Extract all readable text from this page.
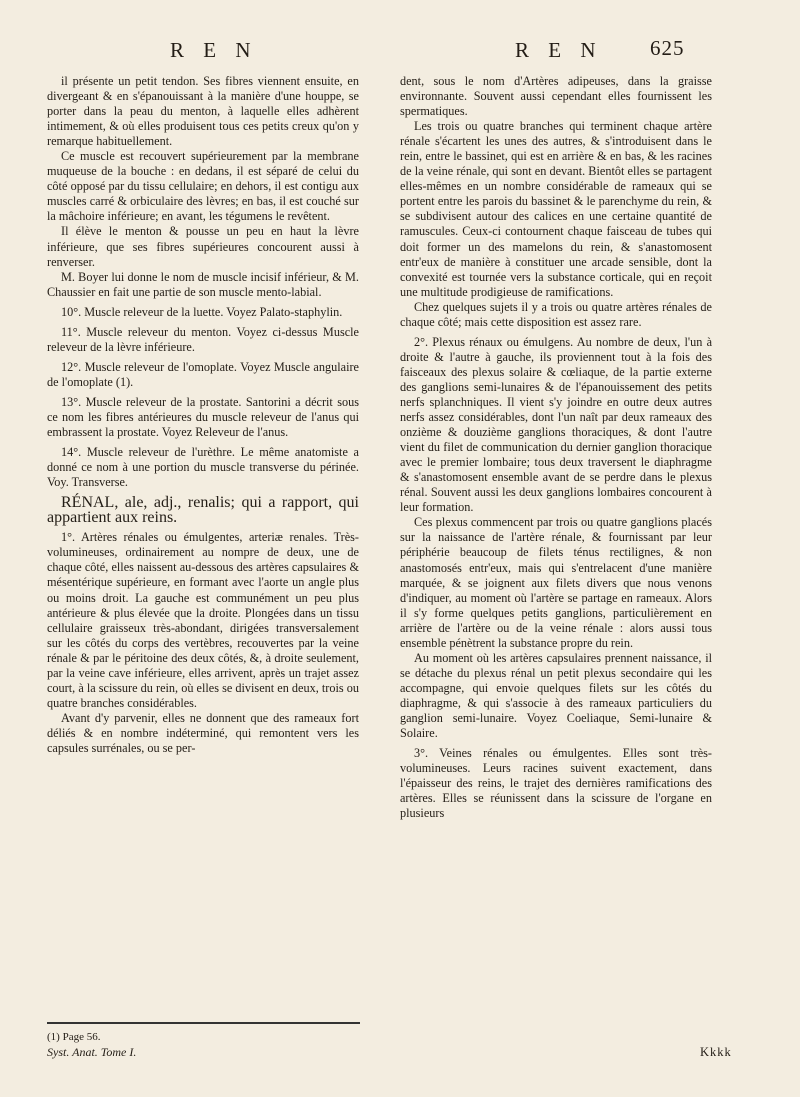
R E N	R E N 625

il présente un petit tendon. Ses fibres viennent ensuite, en divergeant & en s'épanouissant à la manière d'une houppe, se porter dans la peau du menton, à laquelle elles adhèrent intimement, & où elles produisent tous ces petits creux qu'on y remarque habituellement.

Ce muscle est recouvert supérieurement par la membrane muqueuse de la bouche : en dedans, il est séparé de celui du côté opposé par du tissu cellulaire; en dehors, il est contigu aux muscles carré & orbiculaire des lèvres; en bas, il est couché sur la mâchoire inférieure; en avant, les tégumens le revêtent.

Il élève le menton & pousse un peu en haut la lèvre inférieure, que ses fibres supérieures concourent aussi à renverser.

M. Boyer lui donne le nom de muscle incisif inférieur, & M. Chaussier en fait une partie de son muscle mento-labial.

10°. Muscle releveur de la luette. Voyez Palato-staphylin.

11°. Muscle releveur du menton. Voyez ci-dessus Muscle releveur de la lèvre inférieure.

12°. Muscle releveur de l'omoplate. Voyez Muscle angulaire de l'omoplate (1).

13°. Muscle releveur de la prostate. Santorini a décrit sous ce nom les fibres antérieures du muscle releveur de l'anus qui embrassent la prostate. Voyez Releveur de l'anus.

14°. Muscle releveur de l'urèthre. Le même anatomiste a donné ce nom à une portion du muscle transverse du périnée. Voy. Transverse.

RÉNAL, ale, adj., renalis; qui a rapport, qui appartient aux reins.

1°. Artères rénales ou émulgentes, arteriæ renales. Très-volumineuses, ordinairement au nompre de deux, une de chaque côté, elles naissent au-dessous des artères capsulaires & mésentérique supérieure, en formant avec l'aorte un angle plus ou moins droit. La gauche est communément un peu plus antérieure & plus élevée que la droite. Plongées dans un tissu cellulaire graisseux très-abondant, dirigées transversalement sur les côtés du corps des vertèbres, recouvertes par la veine rénale & par le péritoine des deux côtés, &, à droite seulement, par la veine cave inférieure, elles arrivent, après un trajet assez court, à la scissure du rein, où elles se divisent en deux, trois ou quatre branches considérables.

Avant d'y parvenir, elles ne donnent que des rameaux fort déliés & en nombre indéterminé, qui remontent vers les capsules surrénales, ou se per-

dent, sous le nom d'Artères adipeuses, dans la graisse environnante. Souvent aussi cependant elles fournissent les spermatiques.

Les trois ou quatre branches qui terminent chaque artère rénale s'écartent les unes des autres, & s'introduisent dans le rein, entre le bassinet, qui est en arrière & en bas, & les racines de la veine rénale, qui sont en devant. Bientôt elles se partagent elles-mêmes en un nombre considérable de rameaux qui se portent entre les parois du bassinet & le parenchyme du rein, & se subdivisent autour des calices en une certaine quantité de ramuscules. Ceux-ci contournent chaque faisceau de tubes qui doit former un des mamelons du rein, & s'anastomosent entr'eux de manière à constituer une arcade sensible, dont la convexité est tournée vers la substance corticale, qui en reçoit une multitude prodigieuse de ramifications.

Chez quelques sujets il y a trois ou quatre artères rénales de chaque côté; mais cette disposition est assez rare.

2°. Plexus rénaux ou émulgens. Au nombre de deux, l'un à droite & l'autre à gauche, ils proviennent tout à la fois des faisceaux des plexus solaire & cœliaque, de la partie externe des ganglions semi-lunaires & de l'épanouissement des petits nerfs splanchniques. Il vient s'y joindre en outre deux autres nerfs assez considérables, dont l'un naît par deux rameaux des onzième & douzième ganglions thoraciques, & dont l'autre vient du filet de communication du dernier ganglion thoracique avec le premier lombaire; tous deux traversent le diaphragme & s'anastomosent ensemble avant de se perdre dans le plexus rénal. Souvent aussi les deux ganglions lombaires concourent à leur formation.

Ces plexus commencent par trois ou quatre ganglions placés sur la naissance de l'artère rénale, & fournissant par leur périphérie beaucoup de filets ténus rectilignes, & non anastomosés entr'eux, mais qui s'entrelacent d'une manière marquée, & se joignent aux filets divers que nous venons d'indiquer, au moment où l'artère se partage en rameaux. Alors il s'y forme quelques petits ganglions, particulièrement en arrière de l'artère ou de la veine rénale : alors aussi tous ensemble pénètrent la substance propre du rein.

Au moment où les artères capsulaires prennent naissance, il se détache du plexus rénal un petit plexus secondaire qui les accompagne, qui envoie quelques filets sur les côtés du diaphragme, & qui s'associe à des rameaux particuliers du ganglion semi-lunaire. Voyez Coeliaque, Semi-lunaire & Solaire.

3°. Veines rénales ou émulgentes. Elles sont très-volumineuses. Leurs racines suivent exactement, dans l'épaisseur des reins, le trajet des dernières ramifications des artères. Elles se réunissent dans la scissure de l'organe en plusieurs

(1) Page 56.
Syst. Anat. Tome I.	Kkkk
